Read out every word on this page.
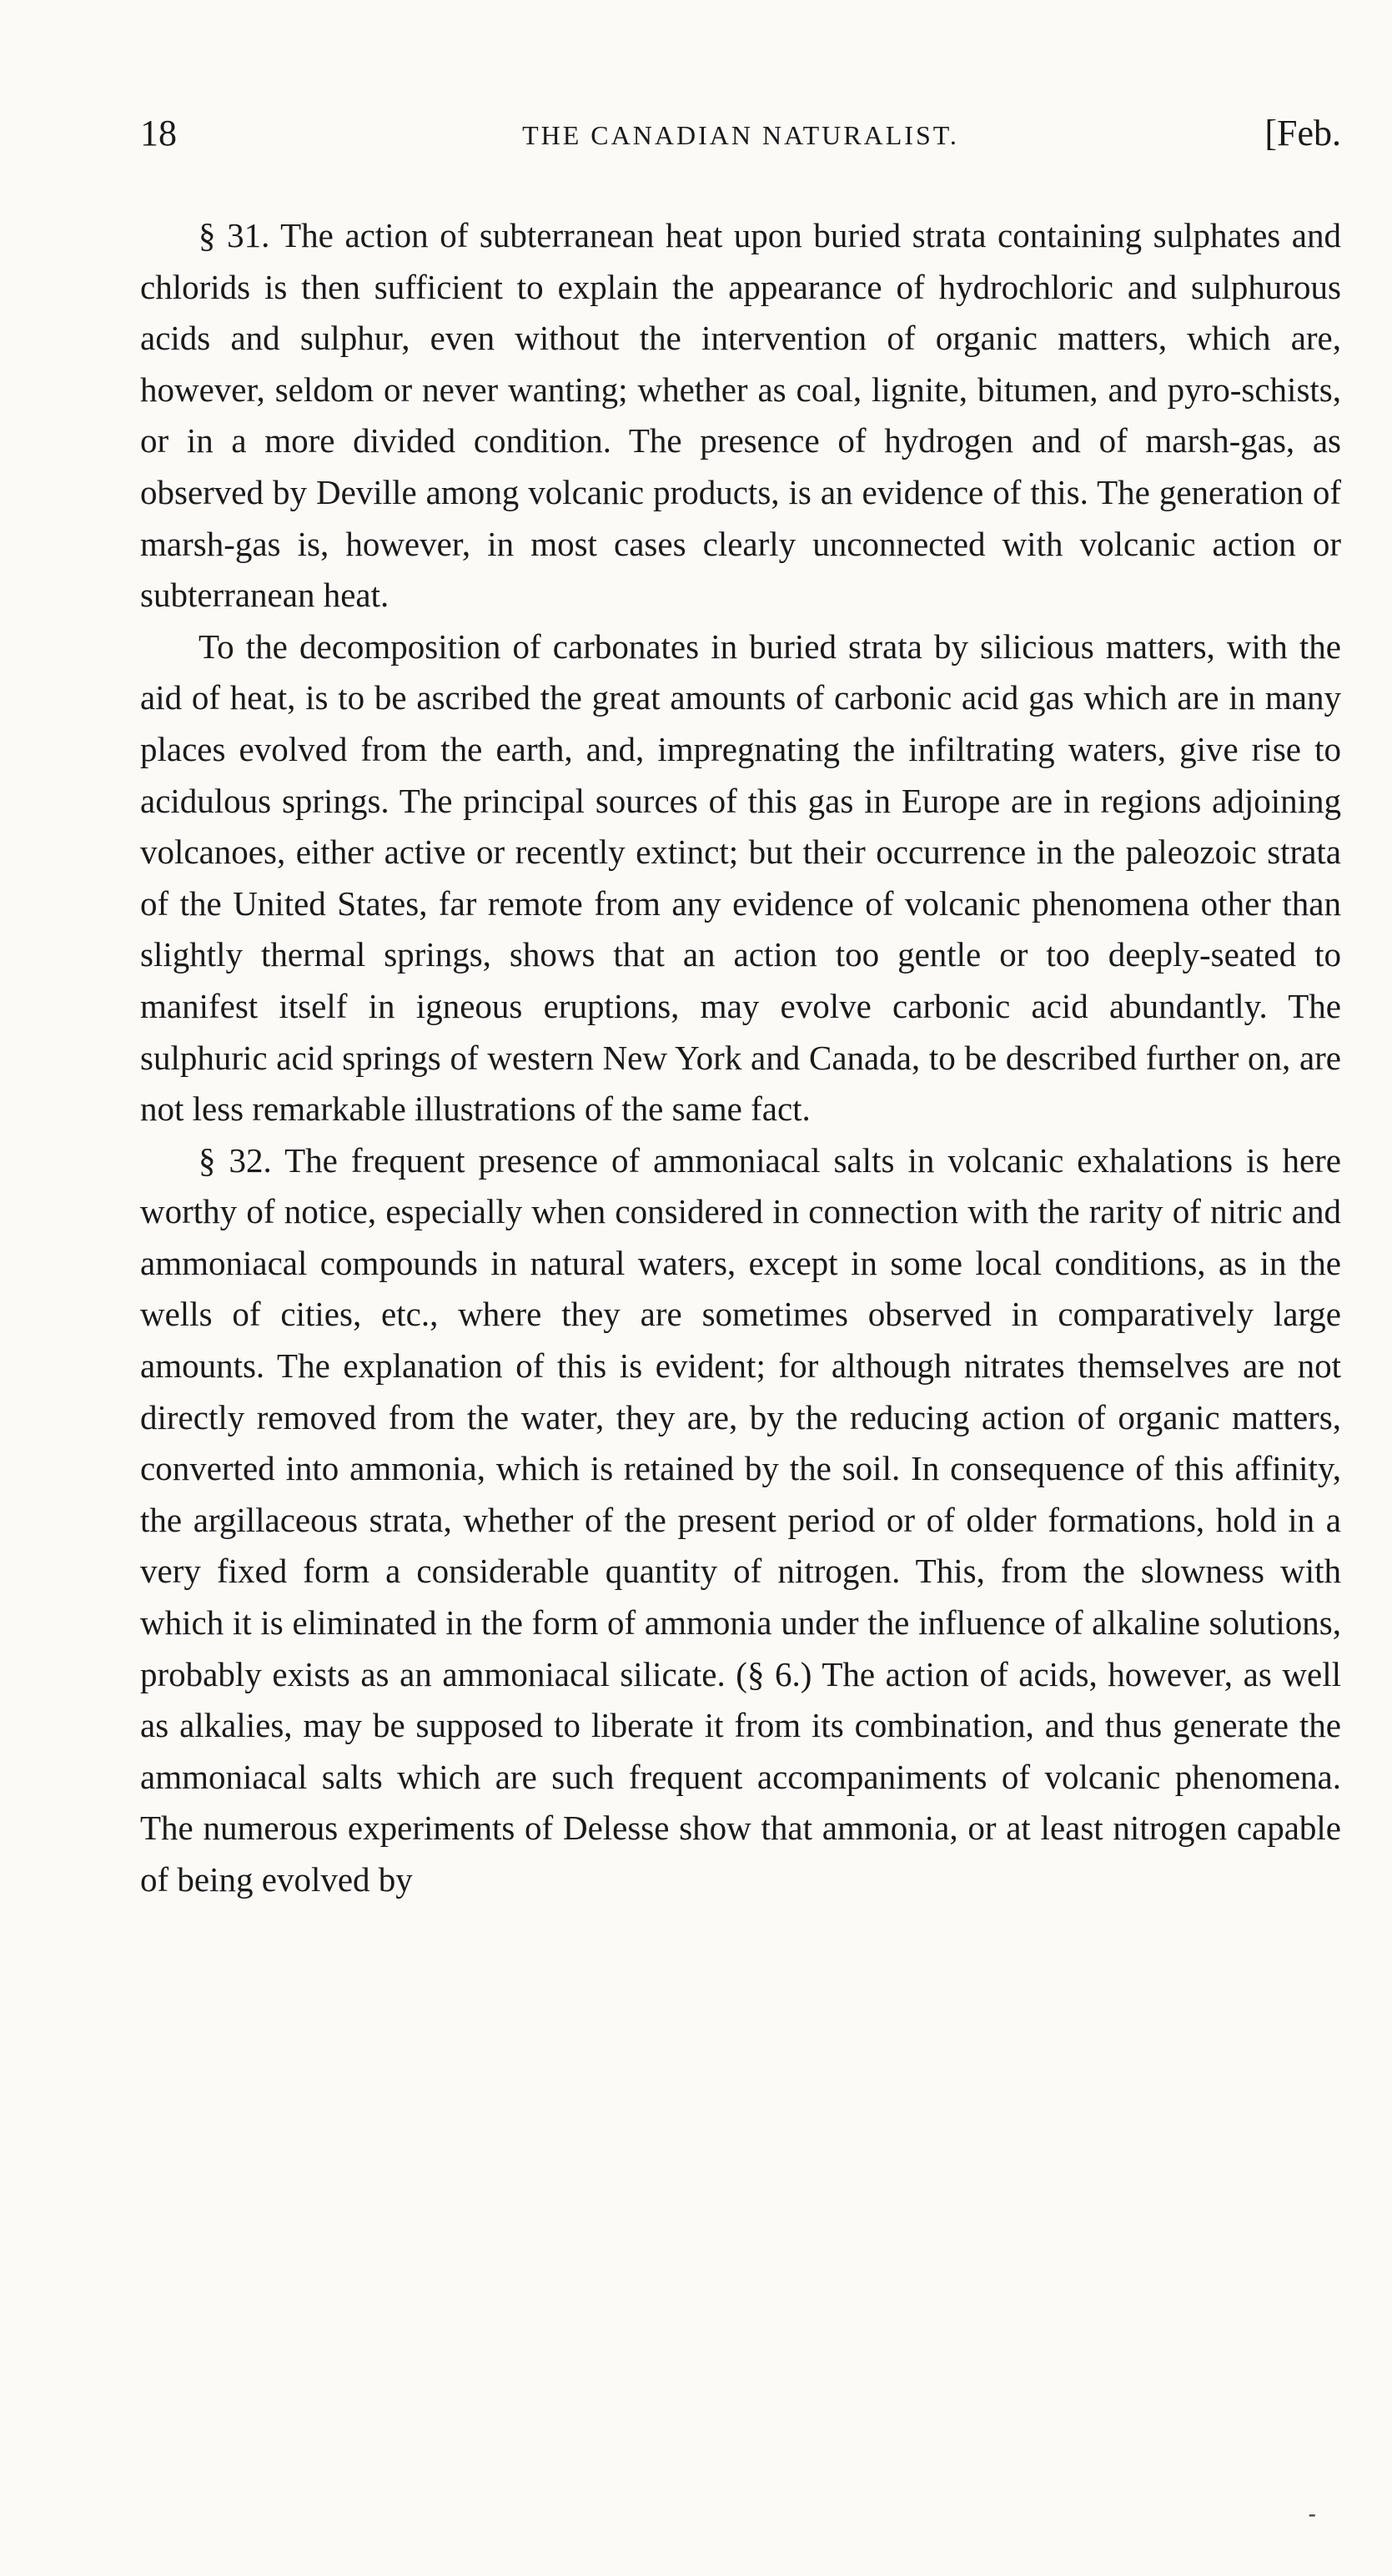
18	THE CANADIAN NATURALIST.	[Feb.

§ 31. The action of subterranean heat upon buried strata containing sulphates and chlorids is then sufficient to explain the appearance of hydrochloric and sulphurous acids and sulphur, even without the intervention of organic matters, which are, however, seldom or never wanting; whether as coal, lignite, bitumen, and pyro-schists, or in a more divided condition. The presence of hydrogen and of marsh-gas, as observed by Deville among volcanic products, is an evidence of this. The generation of marsh-gas is, however, in most cases clearly unconnected with volcanic action or subterranean heat.

To the decomposition of carbonates in buried strata by silicious matters, with the aid of heat, is to be ascribed the great amounts of carbonic acid gas which are in many places evolved from the earth, and, impregnating the infiltrating waters, give rise to acidulous springs. The principal sources of this gas in Europe are in regions adjoining volcanoes, either active or recently extinct; but their occurrence in the paleozoic strata of the United States, far remote from any evidence of volcanic phenomena other than slightly thermal springs, shows that an action too gentle or too deeply-seated to manifest itself in igneous eruptions, may evolve carbonic acid abundantly. The sulphuric acid springs of western New York and Canada, to be described further on, are not less remarkable illustrations of the same fact.

§ 32. The frequent presence of ammoniacal salts in volcanic exhalations is here worthy of notice, especially when considered in connection with the rarity of nitric and ammoniacal compounds in natural waters, except in some local conditions, as in the wells of cities, etc., where they are sometimes observed in comparatively large amounts. The explanation of this is evident; for although nitrates themselves are not directly removed from the water, they are, by the reducing action of organic matters, converted into ammonia, which is retained by the soil. In consequence of this affinity, the argillaceous strata, whether of the present period or of older formations, hold in a very fixed form a considerable quantity of nitrogen. This, from the slowness with which it is eliminated in the form of ammonia under the influence of alkaline solutions, probably exists as an ammoniacal silicate. (§ 6.) The action of acids, however, as well as alkalies, may be supposed to liberate it from its combination, and thus generate the ammoniacal salts which are such frequent accompaniments of volcanic phenomena. The numerous experiments of Delesse show that ammonia, or at least nitrogen capable of being evolved by

-
